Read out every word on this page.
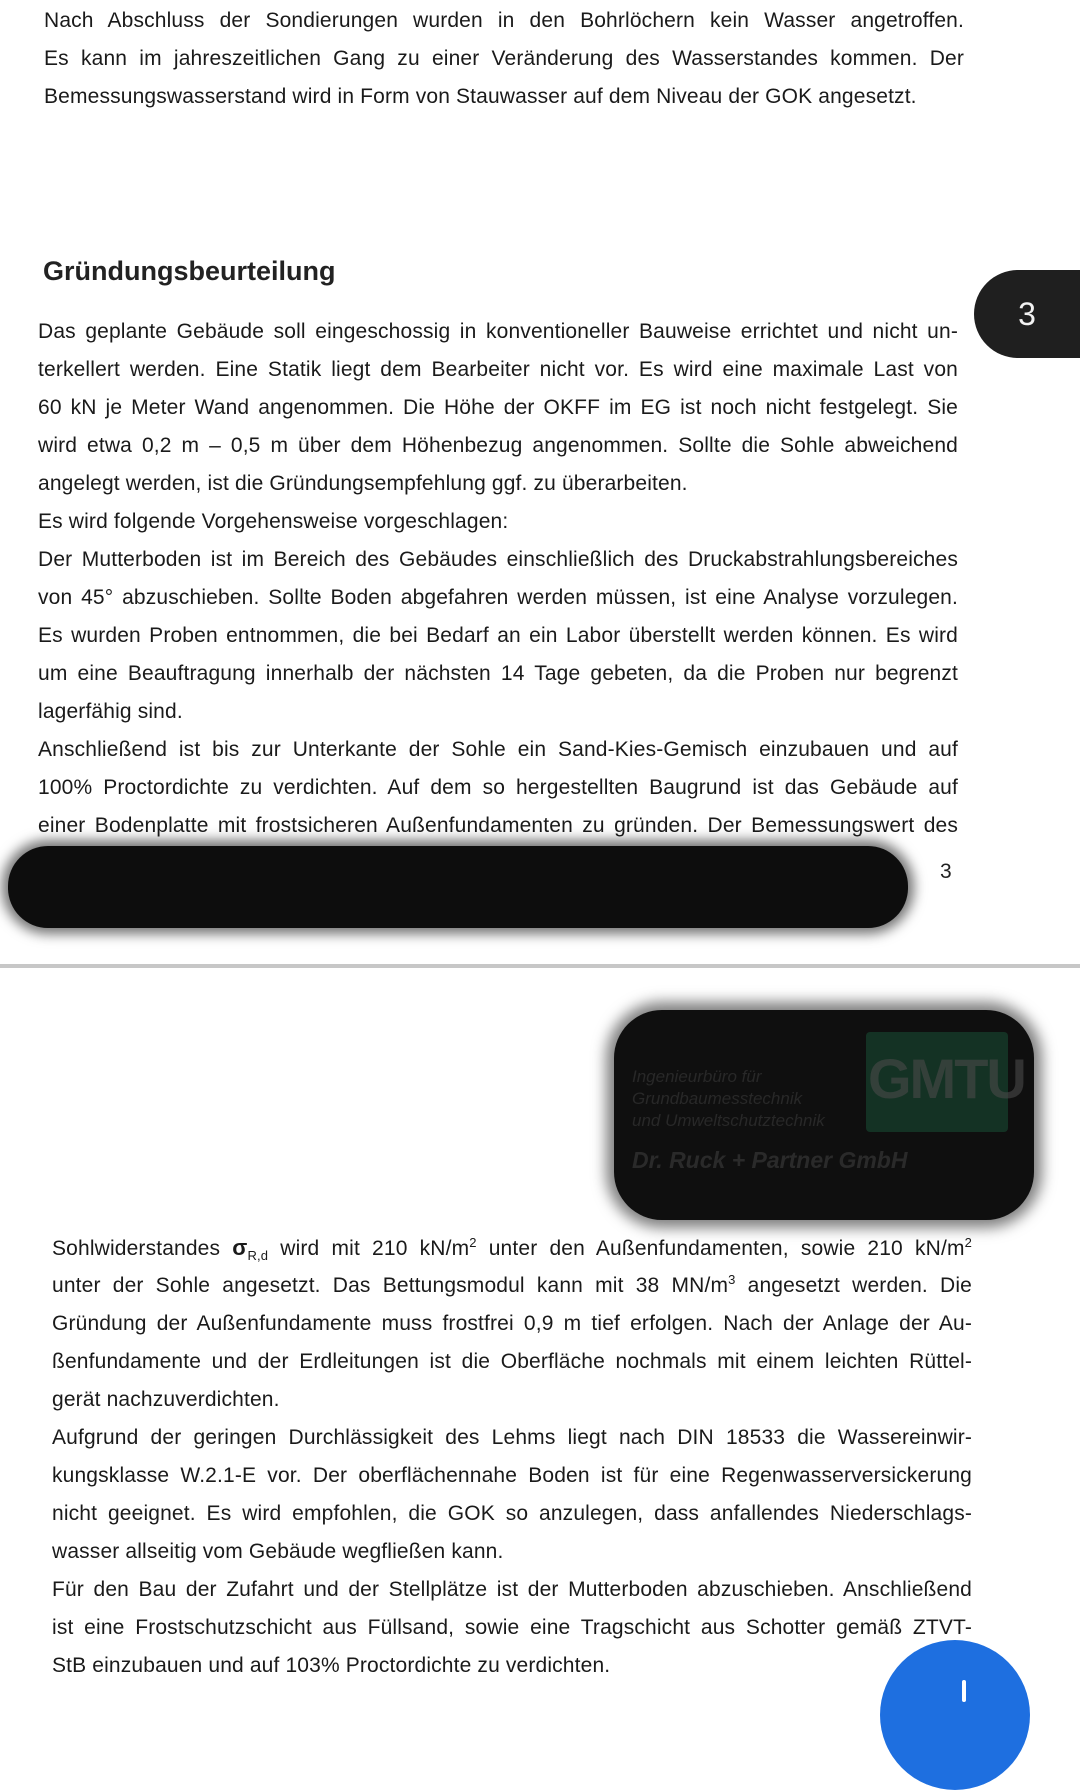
Nach Abschluss der Sondierungen wurden in den Bohrlöchern kein Wasser angetroffen.
Es kann im jahreszeitlichen Gang zu einer Veränderung des Wasserstandes kommen. Der
Bemessungswasserstand wird in Form von Stauwasser auf dem Niveau der GOK angesetzt.
Gründungsbeurteilung
3
Das geplante Gebäude soll eingeschossig in konventioneller Bauweise errichtet und nicht un-
terkellert werden. Eine Statik liegt dem Bearbeiter nicht vor. Es wird eine maximale Last von
60 kN je Meter Wand angenommen. Die Höhe der OKFF im EG ist noch nicht festgelegt. Sie
wird etwa 0,2 m – 0,5 m über dem Höhenbezug angenommen. Sollte die Sohle abweichend
angelegt werden, ist die Gründungsempfehlung ggf. zu überarbeiten.
Es wird folgende Vorgehensweise vorgeschlagen:
Der Mutterboden ist im Bereich des Gebäudes einschließlich des Druckabstrahlungsbereiches
von 45° abzuschieben. Sollte Boden abgefahren werden müssen, ist eine Analyse vorzulegen.
Es wurden Proben entnommen, die bei Bedarf an ein Labor überstellt werden können. Es wird
um eine Beauftragung innerhalb der nächsten 14 Tage gebeten, da die Proben nur begrenzt
lagerfähig sind.
Anschließend ist bis zur Unterkante der Sohle ein Sand-Kies-Gemisch einzubauen und auf
100% Proctordichte zu verdichten. Auf dem so hergestellten Baugrund ist das Gebäude auf
einer Bodenplatte mit frostsicheren Außenfundamenten zu gründen. Der Bemessungswert des
3
GMTU
Ingenieurbüro für
Grundbaumesstechnik
und Umweltschutztechnik
Dr. Ruck + Partner GmbH
Sohlwiderstandes $\sigma_{R,d}$ wird mit 210 $kN/m^2$ unter den Außenfundamenten, sowie 210 $kN/m^2$
unter der Sohle angesetzt. Das Bettungsmodul kann mit 38 $MN/m^3$ angesetzt werden. Die
Gründung der Außenfundamente muss frostfrei 0,9 m tief erfolgen. Nach der Anlage der Au-
ßenfundamente und der Erdleitungen ist die Oberfläche nochmals mit einem leichten Rüttel-
gerät nachzuverdichten.
Aufgrund der geringen Durchlässigkeit des Lehms liegt nach DIN 18533 die Wassereinwir-
kungsklasse W.2.1-E vor. Der oberflächennahe Boden ist für eine Regenwasserversickerung
nicht geeignet. Es wird empfohlen, die GOK so anzulegen, dass anfallendes Niederschlags-
wasser allseitig vom Gebäude wegfließen kann.
Für den Bau der Zufahrt und der Stellplätze ist der Mutterboden abzuschieben. Anschließend
ist eine Frostschutzschicht aus Füllsand, sowie eine Tragschicht aus Schotter gemäß ZTVT-
StB einzubauen und auf 103% Proctordichte zu verdichten.
